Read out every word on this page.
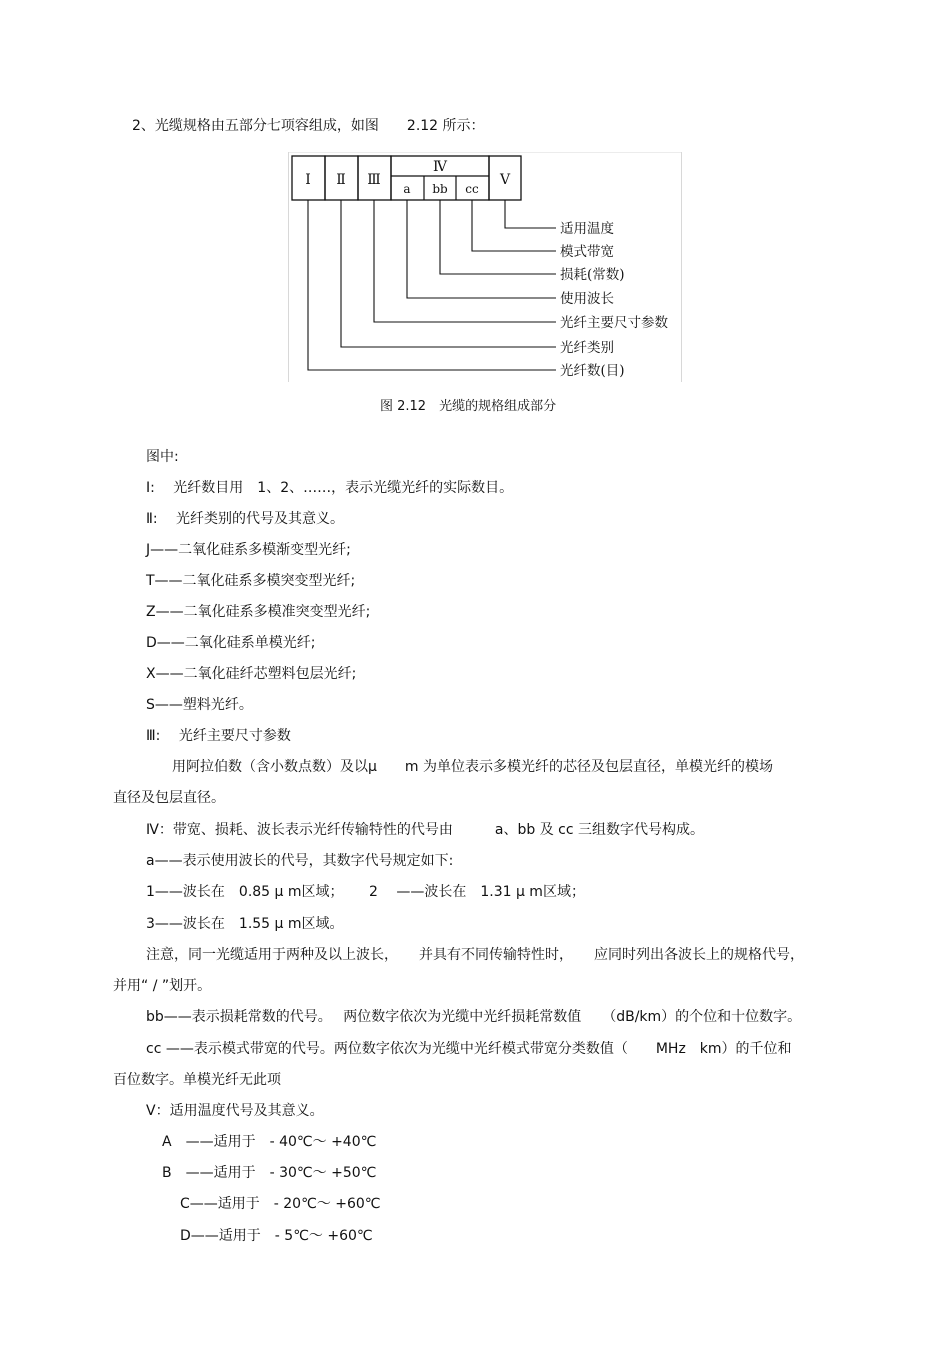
2、光缆规格由五部分七项容组成，如图　　2.12 所示：
Ⅰ Ⅱ Ⅲ
Ⅳ
a bb cc
Ⅴ
适用温度
模式带宽
损耗(常数)
使用波长
光纤主要尺寸参数
光纤类别
光纤数(目)
图 2.12　光缆的规格组成部分
图中:
Ⅰ:　 光纤数目用　1、2、……，表示光缆光纤的实际数目。
Ⅱ:　 光纤类别的代号及其意义。
J——二氧化硅系多模渐变型光纤;
T——二氧化硅系多模突变型光纤;
Z——二氧化硅系多模准突变型光纤;
D——二氧化硅系单模光纤;
X——二氧化硅纤芯塑料包层光纤;
S——塑料光纤。
Ⅲ:　 光纤主要尺寸参数
用阿拉伯数（含小数点数）及以μ　　m 为单位表示多模光纤的芯径及包层直径，单模光纤的模场
直径及包层直径。
Ⅳ：带宽、损耗、波长表示光纤传输特性的代号由　　　a、bb 及 cc 三组数字代号构成。
a——表示使用波长的代号，其数字代号规定如下:
1——波长在　0.85 μ m区域；　　 2　 ——波长在　1.31 μ m区域；
3——波长在　1.55 μ m区域。
注意，同一光缆适用于两种及以上波长，　　并具有不同传输特性时，　　应同时列出各波长上的规格代号，
并用“ / ”划开。
bb——表示损耗常数的代号。　 两位数字依次为光缆中光纤损耗常数值　　（dB/km）的个位和十位数字。
cc ——表示模式带宽的代号。两位数字依次为光缆中光纤模式带宽分类数值（　　MHz　km）的千位和
百位数字。单模光纤无此项
Ⅴ：适用温度代号及其意义。
A　——适用于　- 40℃～ +40℃
B　——适用于　- 30℃～ +50℃
C——适用于　- 20℃～ +60℃
D——适用于　- 5℃～ +60℃
